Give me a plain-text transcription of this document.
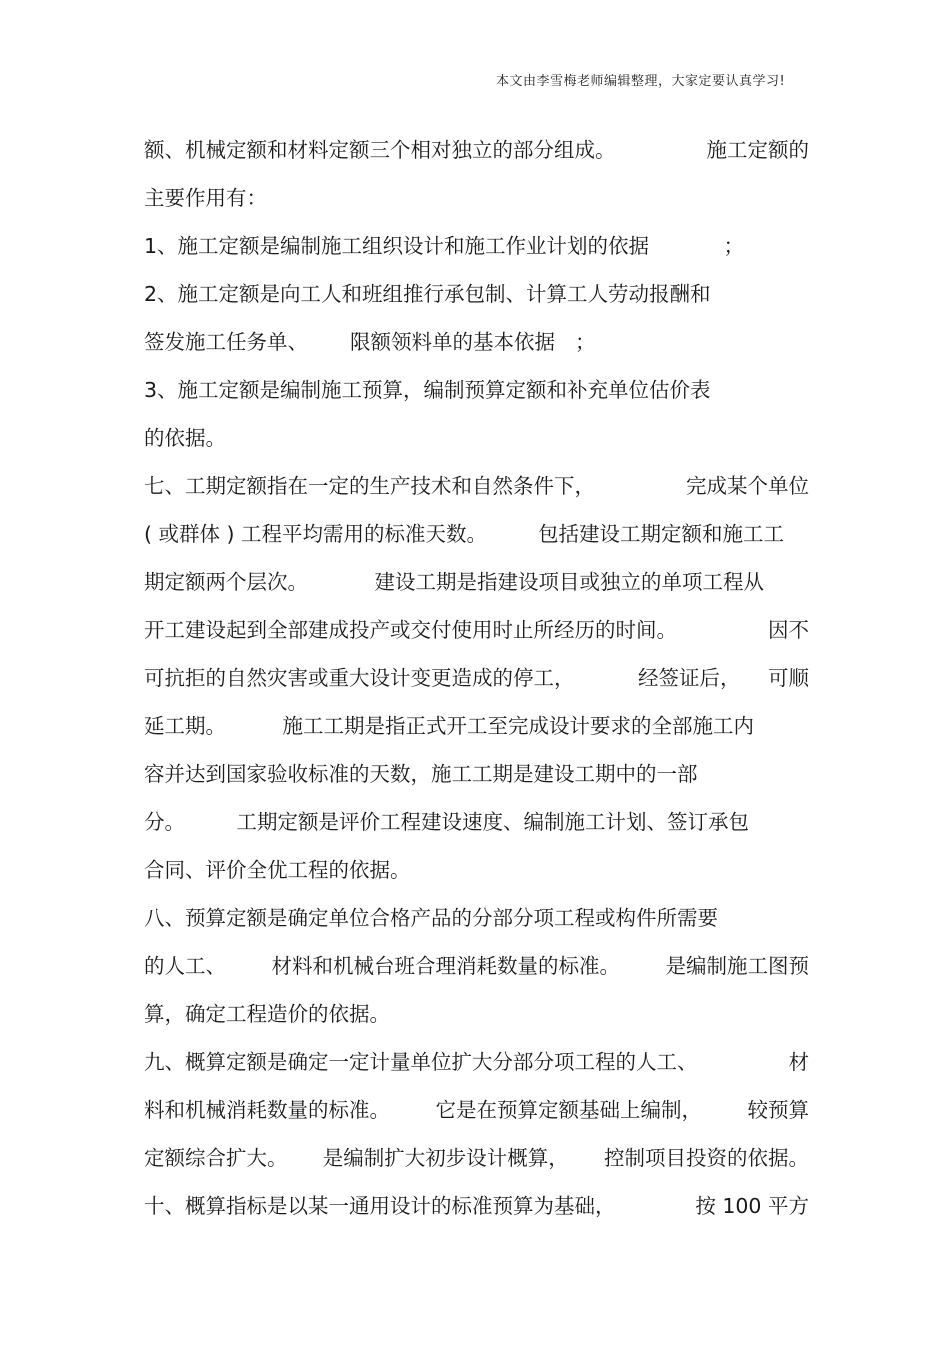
本文由李雪梅老师编辑整理，大家定要认真学习!
额、机械定额和材料定额三个相对独立的部分组成。	施工定额的
主要作用有：
1、施工定额是编制施工组织设计和施工作业计划的依据	；
2、施工定额是向工人和班组推行承包制、计算工人劳动报酬和
签发施工任务单、 限额领料单的基本依据 ；
3、施工定额是编制施工预算，编制预算定额和补充单位估价表
的依据。
七、工期定额指在一定的生产技术和自然条件下，	完成某个单位
( 或群体 ) 工程平均需用的标准天数。 包括建设工期定额和施工工
期定额两个层次。	建设工期是指建设项目或独立的单项工程从
开工建设起到全部建成投产或交付使用时止所经历的时间。	因不
可抗拒的自然灾害或重大设计变更造成的停工，	经签证后， 可顺
延工期。	施工工期是指正式开工至完成设计要求的全部施工内
容并达到国家验收标准的天数，施工工期是建设工期中的一部
分。	工期定额是评价工程建设速度、编制施工计划、签订承包
合同、评价全优工程的依据。
八、预算定额是确定单位合格产品的分部分项工程或构件所需要
的人工、 材料和机械台班合理消耗数量的标准。 是编制施工图预
算，确定工程造价的依据。
九、概算定额是确定一定计量单位扩大分部分项工程的人工、	材
料和机械消耗数量的标准。 它是在预算定额基础上编制， 较预算
定额综合扩大。 是编制扩大初步设计概算， 控制项目投资的依据。
十、概算指标是以某一通用设计的标准预算为基础，	按 100 平方
